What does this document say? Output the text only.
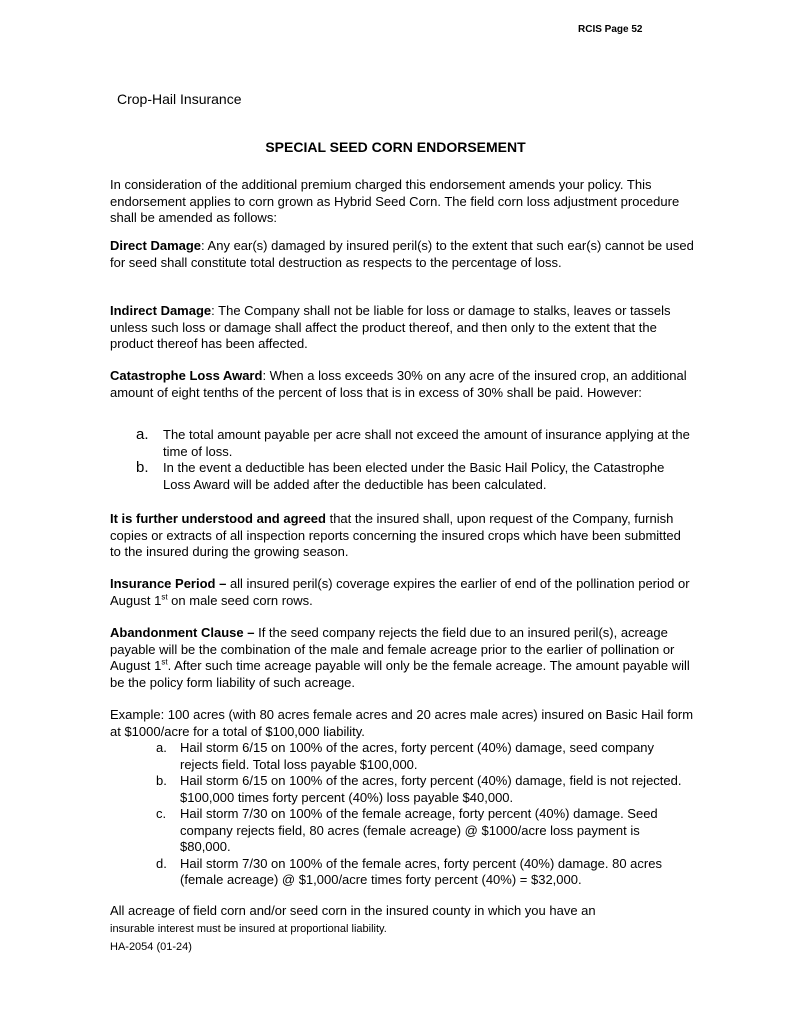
RCIS Page 52
Crop-Hail Insurance
SPECIAL SEED CORN ENDORSEMENT

In consideration of the additional premium charged this endorsement amends your policy. This endorsement applies to corn grown as Hybrid Seed Corn. The field corn loss adjustment procedure shall be amended as follows:

Direct Damage: Any ear(s) damaged by insured peril(s) to the extent that such ear(s) cannot be used for seed shall constitute total destruction as respects to the percentage of loss.

Indirect Damage: The Company shall not be liable for loss or damage to stalks, leaves or tassels unless such loss or damage shall affect the product thereof, and then only to the extent that the product thereof has been affected.

Catastrophe Loss Award: When a loss exceeds 30% on any acre of the insured crop, an additional amount of eight tenths of the percent of loss that is in excess of 30% shall be paid. However:

a. The total amount payable per acre shall not exceed the amount of insurance applying at the time of loss.
b. In the event a deductible has been elected under the Basic Hail Policy, the Catastrophe Loss Award will be added after the deductible has been calculated.

It is further understood and agreed that the insured shall, upon request of the Company, furnish copies or extracts of all inspection reports concerning the insured crops which have been submitted to the insured during the growing season.

Insurance Period – all insured peril(s) coverage expires the earlier of end of the pollination period or August 1st on male seed corn rows.

Abandonment Clause – If the seed company rejects the field due to an insured peril(s), acreage payable will be the combination of the male and female acreage prior to the earlier of pollination or August 1st. After such time acreage payable will only be the female acreage. The amount payable will be the policy form liability of such acreage.

Example: 100 acres (with 80 acres female acres and 20 acres male acres) insured on Basic Hail form at $1000/acre for a total of $100,000 liability.

a. Hail storm 6/15 on 100% of the acres, forty percent (40%) damage, seed company rejects field. Total loss payable $100,000.
b. Hail storm 6/15 on 100% of the acres, forty percent (40%) damage, field is not rejected. $100,000 times forty percent (40%) loss payable $40,000.
c. Hail storm 7/30 on 100% of the female acreage, forty percent (40%) damage. Seed company rejects field, 80 acres (female acreage) @ $1000/acre loss payment is $80,000.
d. Hail storm 7/30 on 100% of the female acres, forty percent (40%) damage. 80 acres (female acreage) @ $1,000/acre times forty percent (40%) = $32,000.

All acreage of field corn and/or seed corn in the insured county in which you have an
insurable interest must be insured at proportional liability.

HA-2054 (01-24)
